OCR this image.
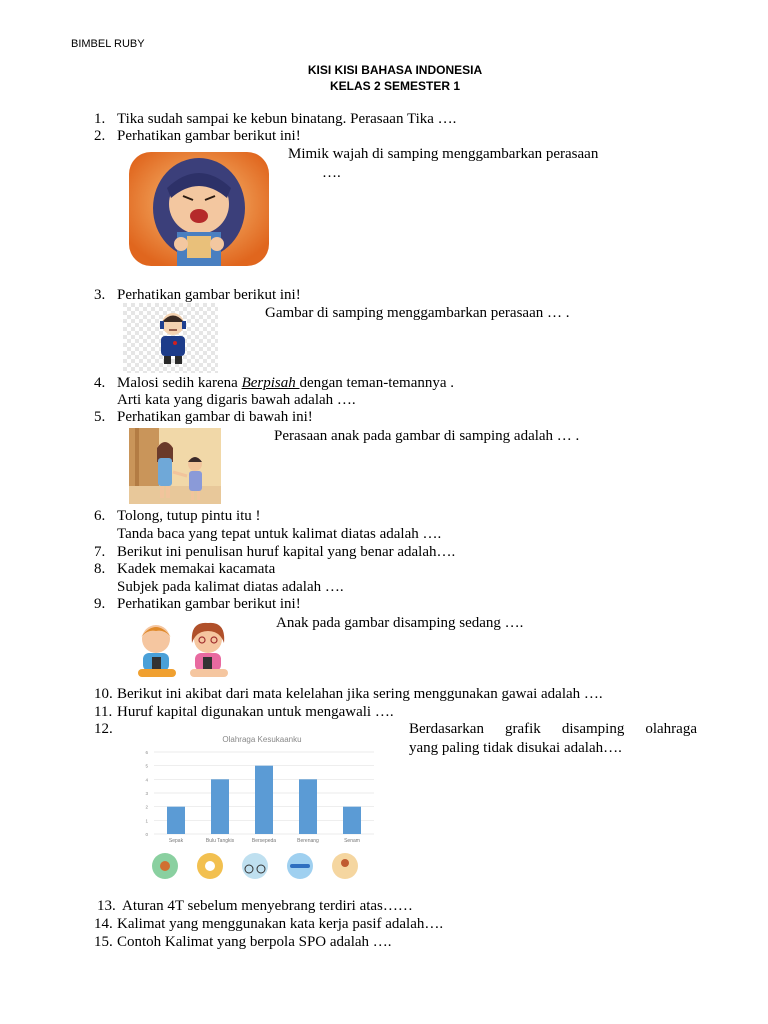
BIMBEL RUBY
KISI KISI BAHASA INDONESIA
KELAS 2 SEMESTER 1
1. Tika sudah sampai ke kebun binatang. Perasaan Tika ….
2. Perhatikan gambar berikut ini!
Mimik wajah di samping menggambarkan perasaan
….
3. Perhatikan gambar berikut ini!
Gambar di samping menggambarkan perasaan … .
4. Malosi sedih karena Berpisah dengan teman-temannya .
Arti kata yang digaris bawah adalah ….
5. Perhatikan gambar di bawah ini!
Perasaan anak pada gambar di samping adalah … .
6. Tolong, tutup pintu itu !
Tanda baca yang tepat untuk kalimat diatas adalah ….
7. Berikut ini penulisan huruf kapital yang benar adalah….
8. Kadek memakai kacamata
Subjek pada kalimat diatas adalah ….
9. Perhatikan gambar berikut ini!
Anak pada gambar disamping sedang ….
10. Berikut ini akibat dari mata kelelahan jika sering menggunakan gawai adalah ….
11. Huruf kapital digunakan untuk mengawali ….
12.	Berdasarkan grafik disamping olahraga
yang paling tidak disukai adalah….
Olahraga Kesukaanku
0
1
2
3
4
5
6
Sepak	Bulu Tangkis	Bersepeda	Berenang	Senam
13. Aturan 4T sebelum menyebrang terdiri atas……
14. Kalimat yang menggunakan kata kerja pasif adalah….
15. Contoh Kalimat yang berpola SPO adalah ….
